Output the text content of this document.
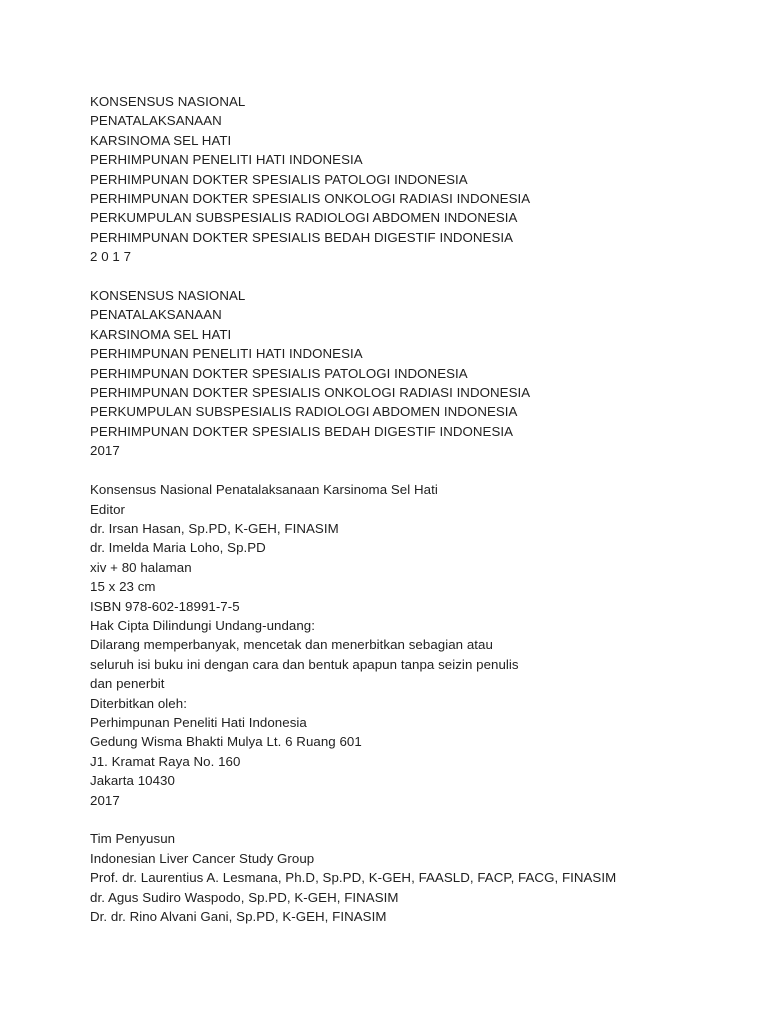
KONSENSUS NASIONAL
PENATALAKSANAAN
KARSINOMA SEL HATI
PERHIMPUNAN PENELITI HATI INDONESIA
PERHIMPUNAN DOKTER SPESIALIS PATOLOGI INDONESIA
PERHIMPUNAN DOKTER SPESIALIS ONKOLOGI RADIASI INDONESIA
PERKUMPULAN SUBSPESIALIS RADIOLOGI ABDOMEN INDONESIA
PERHIMPUNAN DOKTER SPESIALIS BEDAH DIGESTIF INDONESIA
2 0 1 7
KONSENSUS NASIONAL
PENATALAKSANAAN
KARSINOMA SEL HATI
PERHIMPUNAN PENELITI HATI INDONESIA
PERHIMPUNAN DOKTER SPESIALIS PATOLOGI INDONESIA
PERHIMPUNAN DOKTER SPESIALIS ONKOLOGI RADIASI INDONESIA
PERKUMPULAN SUBSPESIALIS RADIOLOGI ABDOMEN INDONESIA
PERHIMPUNAN DOKTER SPESIALIS BEDAH DIGESTIF INDONESIA
2017
Konsensus Nasional Penatalaksanaan Karsinoma Sel Hati
Editor
dr. Irsan Hasan, Sp.PD, K-GEH, FINASIM
dr. Imelda Maria Loho, Sp.PD
xiv + 80 halaman
15 x 23 cm
ISBN 978-602-18991-7-5
Hak Cipta Dilindungi Undang-undang:
Dilarang memperbanyak, mencetak dan menerbitkan sebagian atau
seluruh isi buku ini dengan cara dan bentuk apapun tanpa seizin penulis
dan penerbit
Diterbitkan oleh:
Perhimpunan Peneliti Hati Indonesia
Gedung Wisma Bhakti Mulya Lt. 6 Ruang 601
J1. Kramat Raya No. 160
Jakarta 10430
2017
Tim Penyusun
Indonesian Liver Cancer Study Group
Prof. dr. Laurentius A. Lesmana, Ph.D, Sp.PD, K-GEH, FAASLD, FACP, FACG, FINASIM
dr. Agus Sudiro Waspodo, Sp.PD, K-GEH, FINASIM
Dr. dr. Rino Alvani Gani, Sp.PD, K-GEH, FINASIM
